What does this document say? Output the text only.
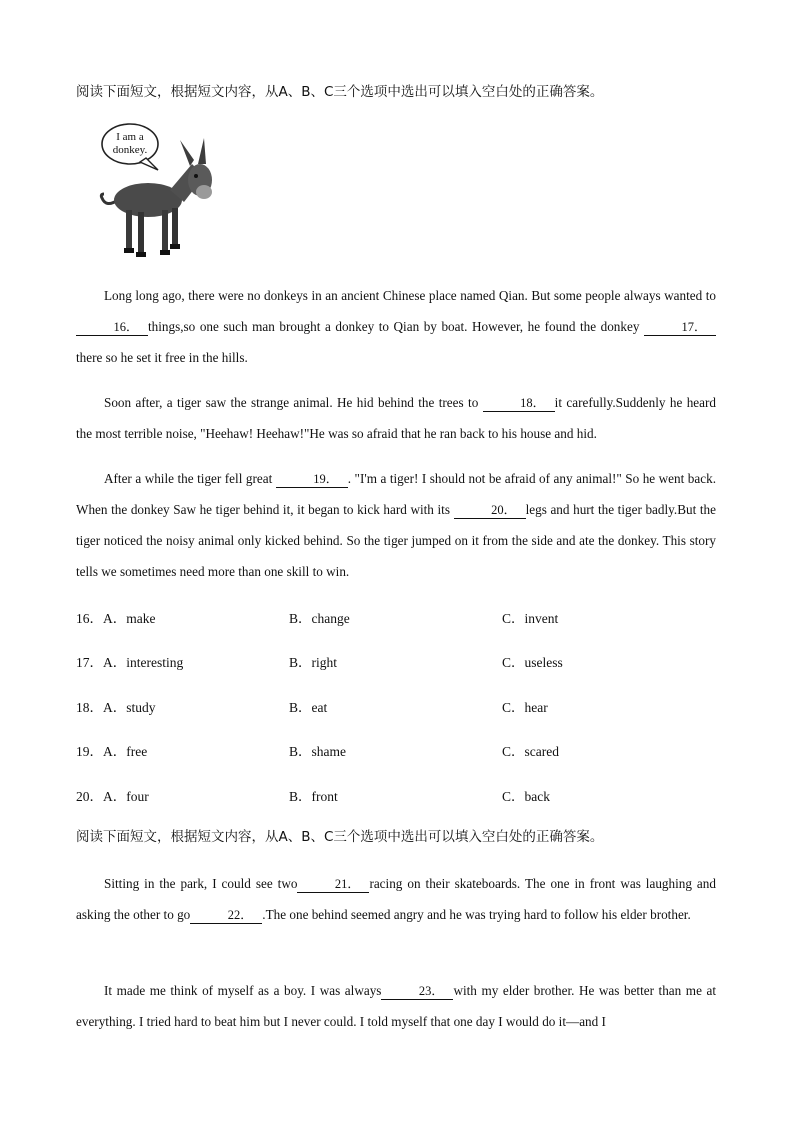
阅读下面短文，根据短文内容，从A、B、C三个选项中选出可以填入空白处的正确答案。
I am a
donkey.

Long long ago, there were no donkeys in an ancient Chinese place named Qian. But some people always wanted to16． things,so one such man brought a donkey to Qian by boat. However, he found the donkey	17．there so he set it free in the hills.

Soon after, a tiger saw the strange animal. He hid behind the trees to	18． it carefully.Suddenly he heard the most terrible noise, "Heehaw! Heehaw!"He was so afraid that he ran back to his house and hid.

After a while the tiger fell great	19． . "I'm a tiger! I should not be afraid of any animal!" So he went back. When the donkey Saw he tiger behind it, it began to kick hard with its	20． legs and hurt the tiger badly.But the tiger noticed the noisy animal only kicked behind. So the tiger jumped on it from the side and ate the donkey. This story tells we sometimes need more than one skill to win.

16．A．make	B．change	C．invent
17．A．interesting	B．right	C．useless
18．A．study	B．eat	C．hear
19．A．free	B．shame	C．scared
20．A．four	B．front	C．back
阅读下面短文，根据短文内容，从A、B、C三个选项中选出可以填入空白处的正确答案。

Sitting in the park, I could see two	21． racing on their skateboards. The one in front was laughing and asking the other to go	22． .The one behind seemed angry and he was trying hard to follow his elder brother.

It made me think of myself as a boy. I was always	23． with my elder brother. He was better than me at everything. I tried hard to beat him but I never could. I told myself that one day I would do it—and I
